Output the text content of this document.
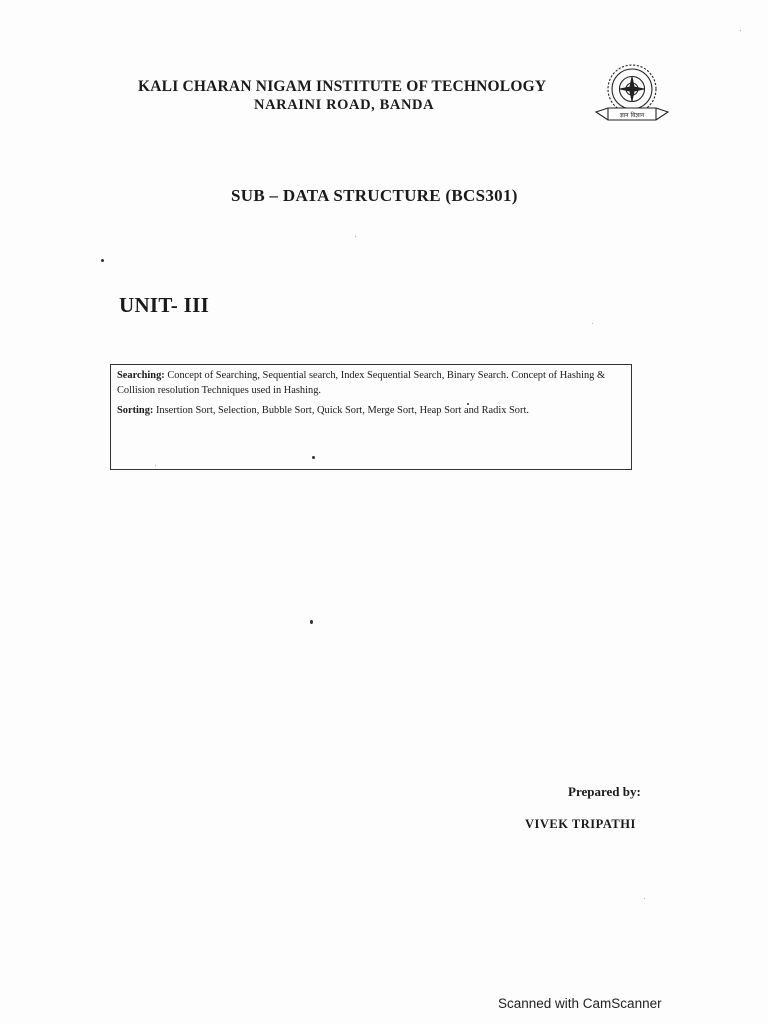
KALI CHARAN NIGAM INSTITUTE OF TECHNOLOGY
NARAINI ROAD, BANDA
ज्ञान विज्ञान
SUB – DATA STRUCTURE (BCS301)
UNIT- III

Searching: Concept of Searching, Sequential search, Index Sequential Search, Binary Search. Concept of Hashing & Collision resolution Techniques used in Hashing.

Sorting: Insertion Sort, Selection, Bubble Sort, Quick Sort, Merge Sort, Heap Sort and Radix Sort.

Prepared by:
VIVEK TRIPATHI
Scanned with CamScanner
